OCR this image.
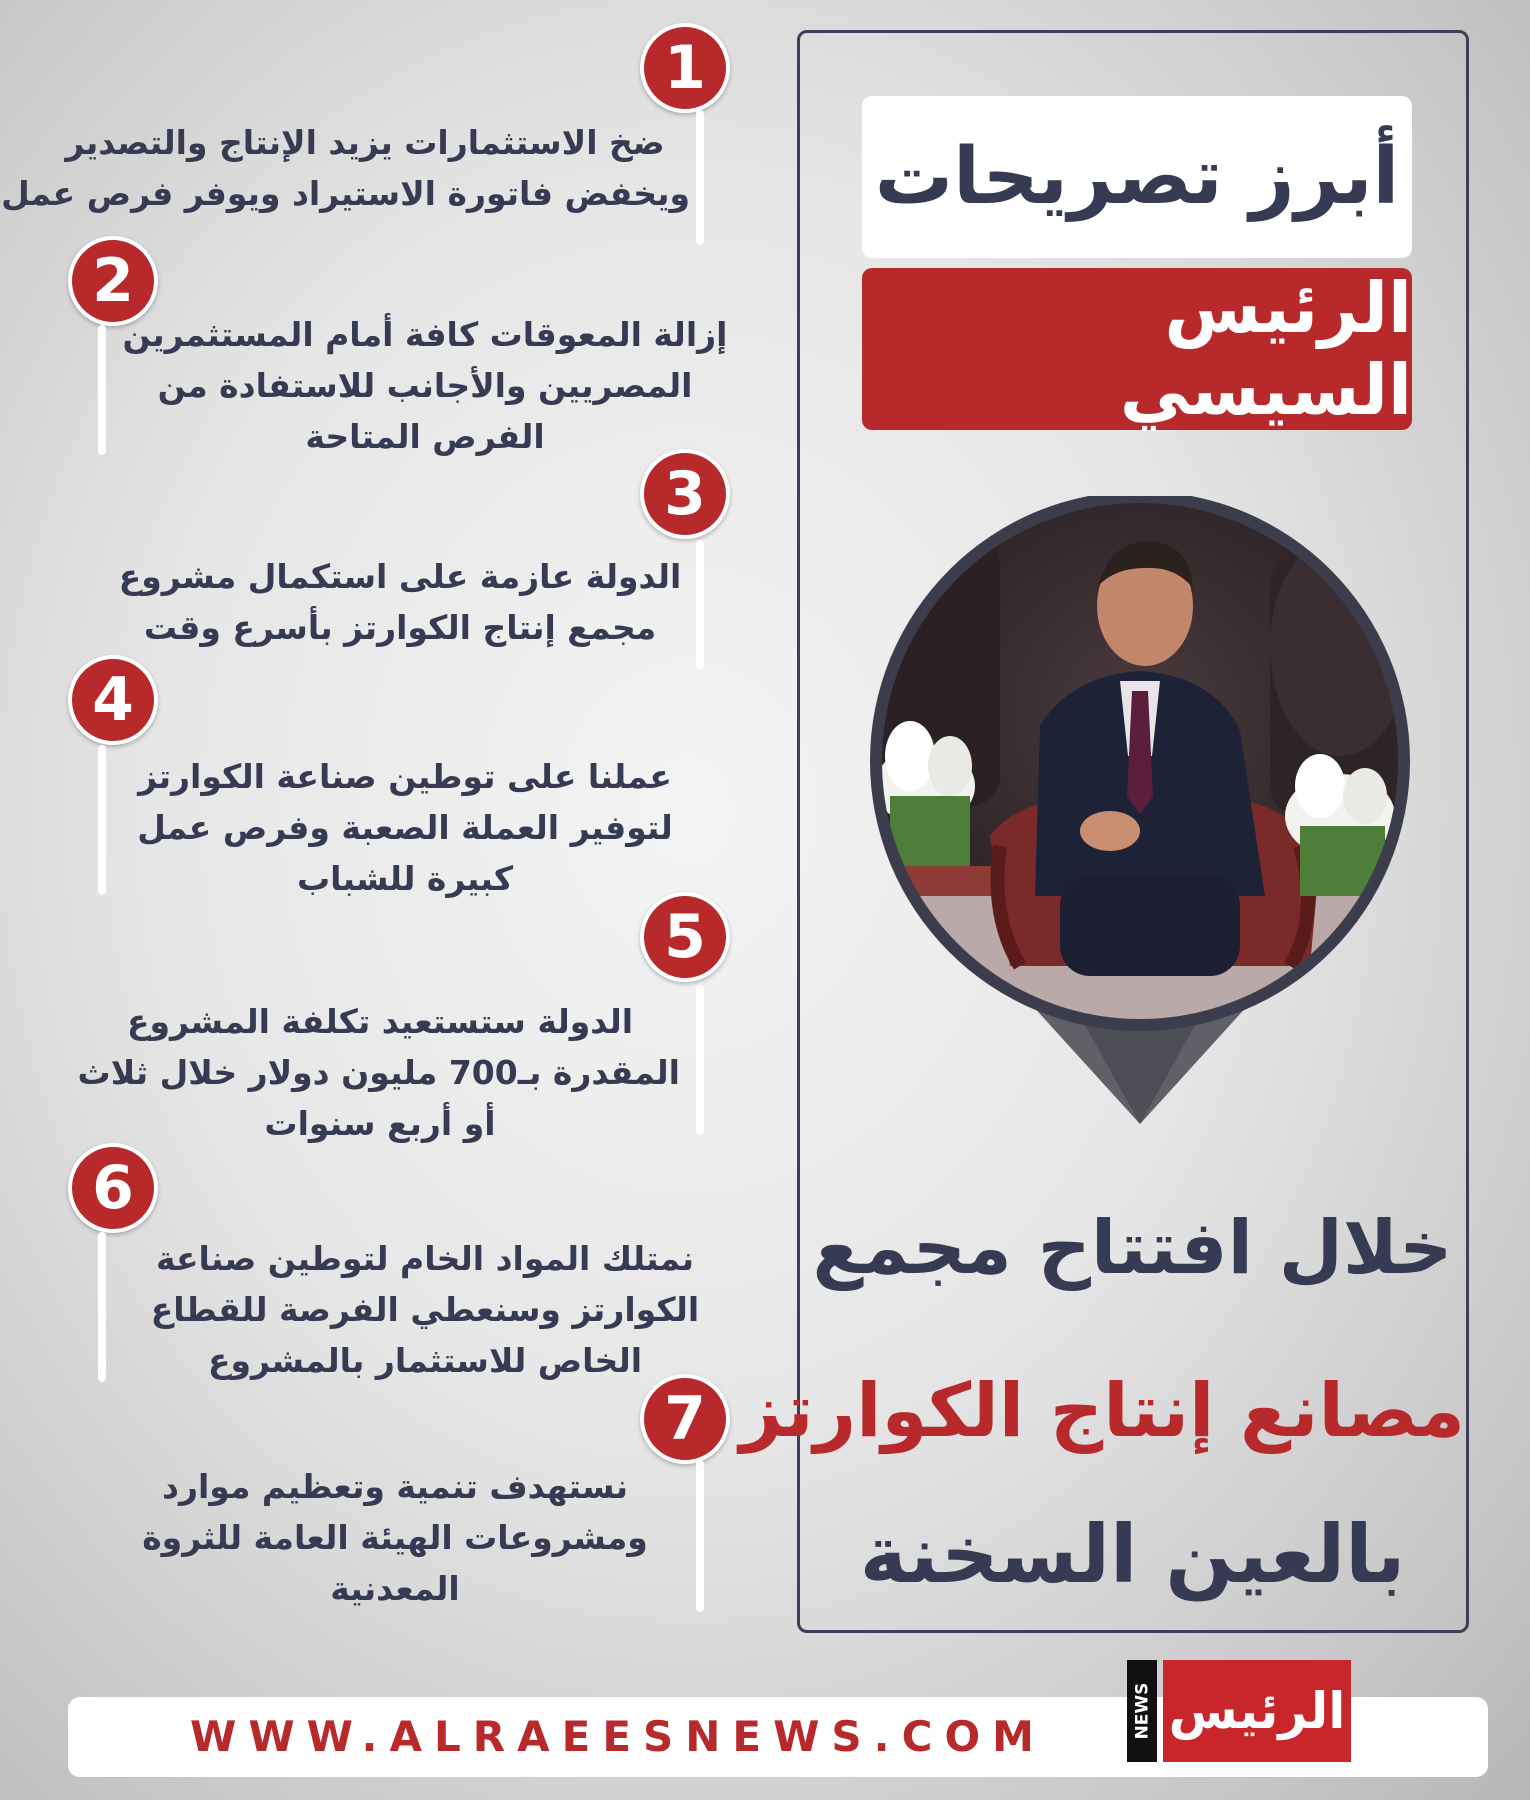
أبرز تصريحات
الرئيس السيسي
خلال افتتاح مجمع
مصانع إنتاج الكوارتز
بالعين السخنة
1
ضخ الاستثمارات يزيد الإنتاج والتصدير
ويخفض فاتورة الاستيراد ويوفر فرص عمل
2
إزالة المعوقات كافة أمام المستثمرين
المصريين والأجانب للاستفادة من
الفرص المتاحة
3
الدولة عازمة على استكمال مشروع
مجمع إنتاج الكوارتز بأسرع وقت
4
عملنا على توطين صناعة الكوارتز
لتوفير العملة الصعبة وفرص عمل
كبيرة للشباب
5
الدولة ستستعيد تكلفة المشروع
المقدرة بـ700 مليون دولار خلال ثلاث
أو أربع سنوات
6
نمتلك المواد الخام لتوطين صناعة
الكوارتز وسنعطي الفرصة للقطاع
الخاص للاستثمار بالمشروع
7
نستهدف تنمية وتعظيم موارد
ومشروعات الهيئة العامة للثروة
المعدنية
WWW.ALRAEESNEWS.COM	NEWS الرئيس
